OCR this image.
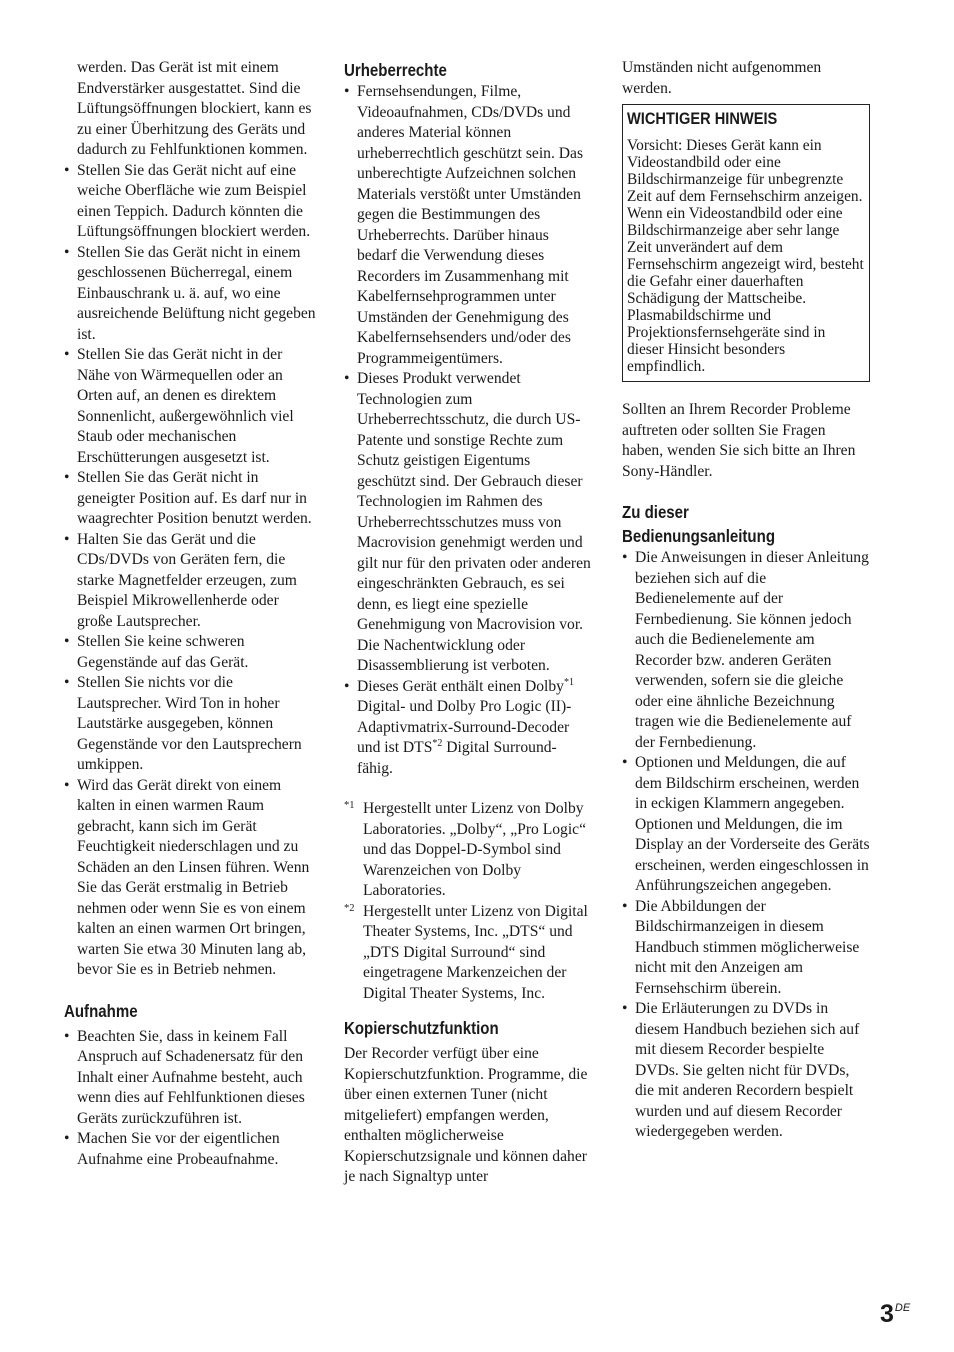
werden. Das Gerät ist mit einem Endverstärker ausgestattet. Sind die Lüftungsöffnungen blockiert, kann es zu einer Überhitzung des Geräts und dadurch zu Fehlfunktionen kommen.

• Stellen Sie das Gerät nicht auf eine weiche Oberfläche wie zum Beispiel einen Teppich. Dadurch könnten die Lüftungsöffnungen blockiert werden.
• Stellen Sie das Gerät nicht in einem geschlossenen Bücherregal, einem Einbauschrank u. ä. auf, wo eine ausreichende Belüftung nicht gegeben ist.
• Stellen Sie das Gerät nicht in der Nähe von Wärmequellen oder an Orten auf, an denen es direktem Sonnenlicht, außergewöhnlich viel Staub oder mechanischen Erschütterungen ausgesetzt ist.
• Stellen Sie das Gerät nicht in geneigter Position auf. Es darf nur in waagrechter Position benutzt werden.
• Halten Sie das Gerät und die CDs/DVDs von Geräten fern, die starke Magnetfelder erzeugen, zum Beispiel Mikrowellenherde oder große Lautsprecher.
• Stellen Sie keine schweren Gegenstände auf das Gerät.
• Stellen Sie nichts vor die Lautsprecher. Wird Ton in hoher Lautstärke ausgegeben, können Gegenstände vor den Lautsprechern umkippen.
• Wird das Gerät direkt von einem kalten in einen warmen Raum gebracht, kann sich im Gerät Feuchtigkeit niederschlagen und zu Schäden an den Linsen führen. Wenn Sie das Gerät erstmalig in Betrieb nehmen oder wenn Sie es von einem kalten an einen warmen Ort bringen, warten Sie etwa 30 Minuten lang ab, bevor Sie es in Betrieb nehmen.
Aufnahme
• Beachten Sie, dass in keinem Fall Anspruch auf Schadenersatz für den Inhalt einer Aufnahme besteht, auch wenn dies auf Fehlfunktionen dieses Geräts zurückzuführen ist.
• Machen Sie vor der eigentlichen Aufnahme eine Probeaufnahme.
Urheberrechte
• Fernsehsendungen, Filme, Videoaufnahmen, CDs/DVDs und anderes Material können urheberrechtlich geschützt sein. Das unberechtigte Aufzeichnen solchen Materials verstößt unter Umständen gegen die Bestimmungen des Urheberrechts. Darüber hinaus bedarf die Verwendung dieses Recorders im Zusammenhang mit Kabelfernsehprogrammen unter Umständen der Genehmigung des Kabelfernsehsenders und/oder des Programmeigentümers.
• Dieses Produkt verwendet Technologien zum Urheberrechtsschutz, die durch US-Patente und sonstige Rechte zum Schutz geistigen Eigentums geschützt sind. Der Gebrauch dieser Technologien im Rahmen des Urheberrechtsschutzes muss von Macrovision genehmigt werden und gilt nur für den privaten oder anderen eingeschränkten Gebrauch, es sei denn, es liegt eine spezielle Genehmigung von Macrovision vor. Die Nachentwicklung oder Disassemblierung ist verboten.
• Dieses Gerät enthält einen Dolby$^{*1}$ Digital- und Dolby Pro Logic (II)-Adaptivmatrix-Surround-Decoder und ist DTS$^{*2}$ Digital Surround-fähig.
*1 Hergestellt unter Lizenz von Dolby Laboratories. „Dolby“, „Pro Logic“ und das Doppel-D-Symbol sind Warenzeichen von Dolby Laboratories.
*2 Hergestellt unter Lizenz von Digital Theater Systems, Inc. „DTS“ und „DTS Digital Surround“ sind eingetragene Markenzeichen der Digital Theater Systems, Inc.
Kopierschutzfunktion

Der Recorder verfügt über eine Kopierschutzfunktion. Programme, die über einen externen Tuner (nicht mitgeliefert) empfangen werden, enthalten möglicherweise Kopierschutzsignale und können daher je nach Signaltyp unter

Umständen nicht aufgenommen werden.

WICHTIGER HINWEIS

Vorsicht: Dieses Gerät kann ein Videostandbild oder eine Bildschirmanzeige für unbegrenzte Zeit auf dem Fernsehschirm anzeigen. Wenn ein Videostandbild oder eine Bildschirmanzeige aber sehr lange Zeit unverändert auf dem Fernsehschirm angezeigt wird, besteht die Gefahr einer dauerhaften Schädigung der Mattscheibe. Plasmabildschirme und Projektionsfernsehgeräte sind in dieser Hinsicht besonders empfindlich.

Sollten an Ihrem Recorder Probleme auftreten oder sollten Sie Fragen haben, wenden Sie sich bitte an Ihren Sony-Händler.

Zu dieser
Bedienungsanleitung
• Die Anweisungen in dieser Anleitung beziehen sich auf die Bedienelemente auf der Fernbedienung. Sie können jedoch auch die Bedienelemente am Recorder bzw. anderen Geräten verwenden, sofern sie die gleiche oder eine ähnliche Bezeichnung tragen wie die Bedienelemente auf der Fernbedienung.
• Optionen und Meldungen, die auf dem Bildschirm erscheinen, werden in eckigen Klammern angegeben. Optionen und Meldungen, die im Display an der Vorderseite des Geräts erscheinen, werden eingeschlossen in Anführungszeichen angegeben.
• Die Abbildungen der Bildschirmanzeigen in diesem Handbuch stimmen möglicherweise nicht mit den Anzeigen am Fernsehschirm überein.
• Die Erläuterungen zu DVDs in diesem Handbuch beziehen sich auf mit diesem Recorder bespielte DVDs. Sie gelten nicht für DVDs, die mit anderen Recordern bespielt wurden und auf diesem Recorder wiedergegeben werden.
3DE
